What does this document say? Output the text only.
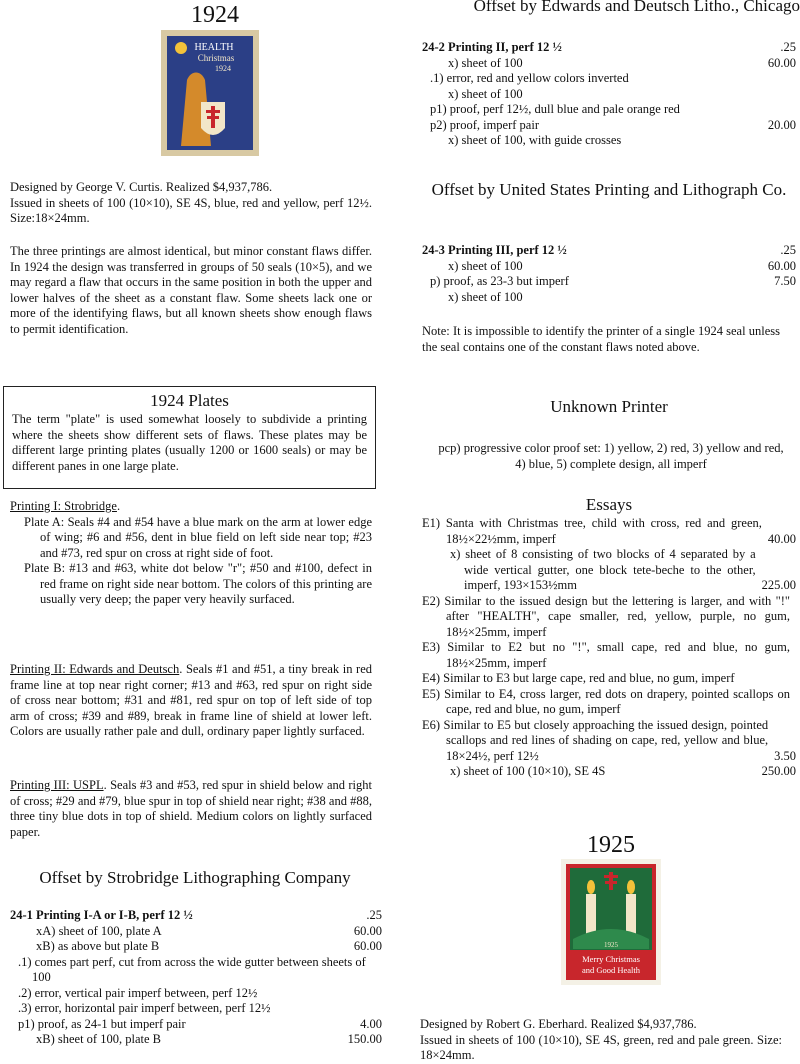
1924
HEALTH
Christmas
1924
Designed by George V. Curtis. Realized $4,937,786.
Issued in sheets of 100 (10×10), SE 4S, blue, red and yellow, perf 12½. Size:18×24mm.
The three printings are almost identical, but minor constant flaws differ. In 1924 the design was transferred in groups of 50 seals (10×5), and we may regard a flaw that occurs in the same position in both the upper and lower halves of the sheet as a constant flaw. Some sheets lack one or more of the identifying flaws, but all known sheets show enough flaws to permit identification.
1924 Plates
The term "plate" is used somewhat loosely to subdivide a printing where the sheets show different sets of flaws. These plates may be different large printing plates (usually 1200 or 1600 seals) or may be different panes in one large plate.
Printing I: Strobridge.
Plate A: Seals #4 and #54 have a blue mark on the arm at lower edge of wing; #6 and #56, dent in blue field on left side near top; #23 and #73, red spur on cross at right side of foot.
Plate B: #13 and #63, white dot below "r"; #50 and #100, defect in red frame on right side near bottom. The colors of this printing are usually very deep; the paper very heavily surfaced.
Printing II: Edwards and Deutsch. Seals #1 and #51, a tiny break in red frame line at top near right corner; #13 and #63, red spur on right side of cross near bottom; #31 and #81, red spur on top of left side of top arm of cross; #39 and #89, break in frame line of shield at lower left. Colors are usually rather pale and dull, ordinary paper lightly surfaced.
Printing III: USPL. Seals #3 and #53, red spur in shield below and right of cross; #29 and #79, blue spur in top of shield near right; #38 and #88, three tiny blue dots in top of shield. Medium colors on lightly surfaced paper.
Offset by Strobridge Lithographing Company
24-1 Printing I-A or I-B, perf 12 ½	.25
xA) sheet of 100, plate A	60.00
xB) as above but plate B	60.00
.1) comes part perf, cut from across the wide gutter between sheets of 100
.2) error, vertical pair imperf between, perf 12½
.3) error, horizontal pair imperf between, perf 12½
p1) proof, as 24-1 but imperf pair	4.00
xB) sheet of 100, plate B	150.00
Offset by Edwards and Deutsch Litho., Chicago
24-2 Printing II, perf 12 ½	.25
x) sheet of 100	60.00
.1) error, red and yellow colors inverted
x) sheet of 100
p1) proof, perf 12½, dull blue and pale orange red
p2) proof, imperf pair	20.00
x) sheet of 100, with guide crosses
Offset by United States Printing and Lithograph Co.
24-3 Printing III, perf 12 ½	.25
x) sheet of 100	60.00
p) proof, as 23-3 but imperf	7.50
x) sheet of 100
Note: It is impossible to identify the printer of a single 1924 seal unless the seal contains one of the constant flaws noted above.
Unknown Printer
pcp) progressive color proof set: 1) yellow, 2) red, 3) yellow and red, 4) blue, 5) complete design, all imperf
Essays
E1) Santa with Christmas tree, child with cross, red and green, 18½×22½mm, imperf	40.00
x) sheet of 8 consisting of two blocks of 4 separated by a wide vertical gutter, one block tete-beche to the other, imperf, 193×153½mm	225.00
E2) Similar to the issued design but the lettering is larger, and with "!" after "HEALTH", cape smaller, red, yellow, purple, no gum, 18½×25mm, imperf
E3) Similar to E2 but no "!", small cape, red and blue, no gum, 18½×25mm, imperf
E4) Similar to E3 but large cape, red and blue, no gum, imperf
E5) Similar to E4, cross larger, red dots on drapery, pointed scallops on cape, red and blue, no gum, imperf
E6) Similar to E5 but closely approaching the issued design, pointed scallops and red lines of shading on cape, red, yellow and blue, 18×24½, perf 12½	3.50
x) sheet of 100 (10×10), SE 4S	250.00
1925
1925
Merry Christmas
and Good Health
Designed by Robert G. Eberhard. Realized $4,937,786.
Issued in sheets of 100 (10×10), SE 4S, green, red and pale green. Size: 18×24mm.
